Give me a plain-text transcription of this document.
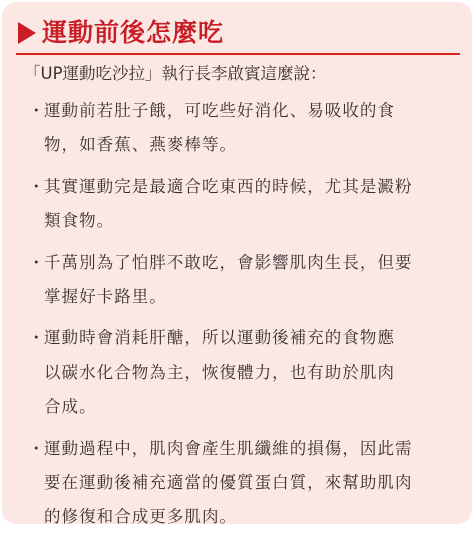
運動前後怎麼吃
「UP運動吃沙拉」執行長李啟賓這麼說：
・
運動前若肚子餓，可吃些好消化、易吸收的食
物，如香蕉、燕麥棒等。
・
其實運動完是最適合吃東西的時候，尤其是澱粉
類食物。
・
千萬別為了怕胖不敢吃，會影響肌肉生長，但要
掌握好卡路里。
・
運動時會消耗肝醣，所以運動後補充的食物應
以碳水化合物為主，恢復體力，也有助於肌肉
合成。
・
運動過程中，肌肉會產生肌纖維的損傷，因此需
要在運動後補充適當的優質蛋白質，來幫助肌肉
的修復和合成更多肌肉。
